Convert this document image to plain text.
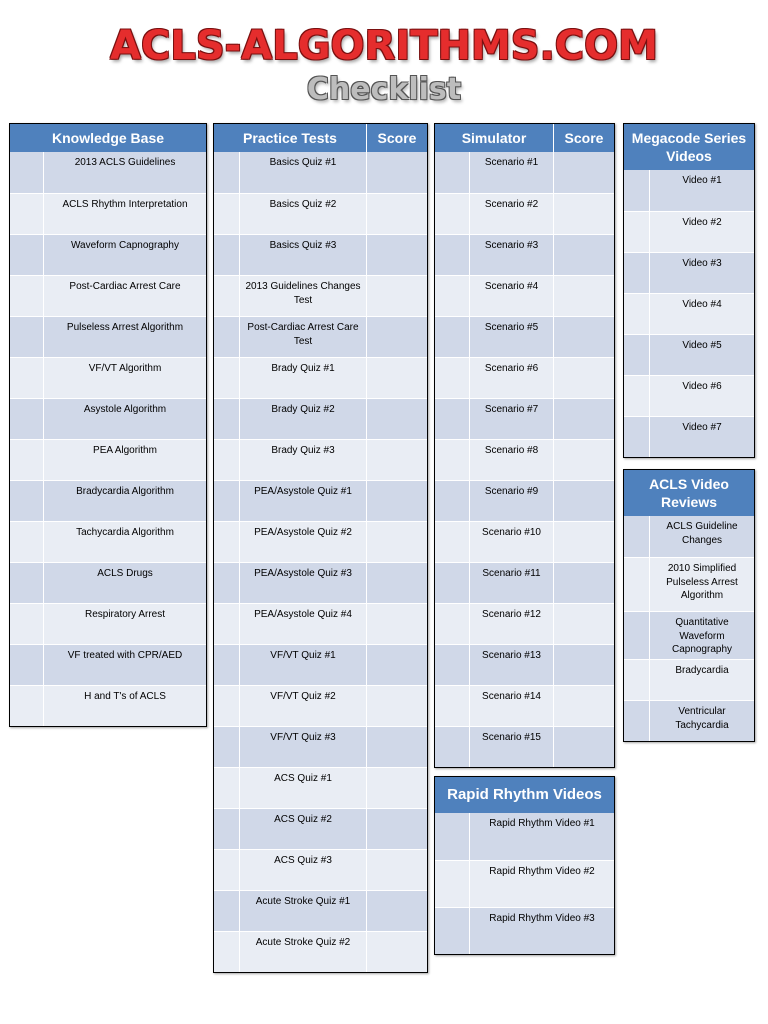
ACLS-ALGORITHMS.COM
Checklist
Knowledge Base
2013 ACLS Guidelines
ACLS Rhythm Interpretation
Waveform Capnography
Post-Cardiac Arrest Care
Pulseless Arrest Algorithm
VF/VT Algorithm
Asystole Algorithm
PEA Algorithm
Bradycardia Algorithm
Tachycardia Algorithm
ACLS Drugs
Respiratory Arrest
VF treated with CPR/AED
H and T's of ACLS
Practice Tests	Score
Basics Quiz #1
Basics Quiz #2
Basics Quiz #3
2013 Guidelines Changes Test
Post-Cardiac Arrest Care Test
Brady Quiz #1
Brady Quiz #2
Brady Quiz #3
PEA/Asystole Quiz #1
PEA/Asystole Quiz #2
PEA/Asystole Quiz #3
PEA/Asystole Quiz #4
VF/VT Quiz #1
VF/VT Quiz #2
VF/VT Quiz #3
ACS Quiz #1
ACS Quiz #2
ACS Quiz #3
Acute Stroke Quiz #1
Acute Stroke Quiz #2
Simulator	Score
Scenario #1
Scenario #2
Scenario #3
Scenario #4
Scenario #5
Scenario #6
Scenario #7
Scenario #8
Scenario #9
Scenario #10
Scenario #11
Scenario #12
Scenario #13
Scenario #14
Scenario #15
Rapid Rhythm Videos
Rapid Rhythm Video #1
Rapid Rhythm Video #2
Rapid Rhythm Video #3
Megacode Series Videos
Video #1
Video #2
Video #3
Video #4
Video #5
Video #6
Video #7
ACLS Video Reviews
ACLS Guideline Changes
2010 Simplified Pulseless Arrest Algorithm
Quantitative Waveform Capnography
Bradycardia
Ventricular Tachycardia
